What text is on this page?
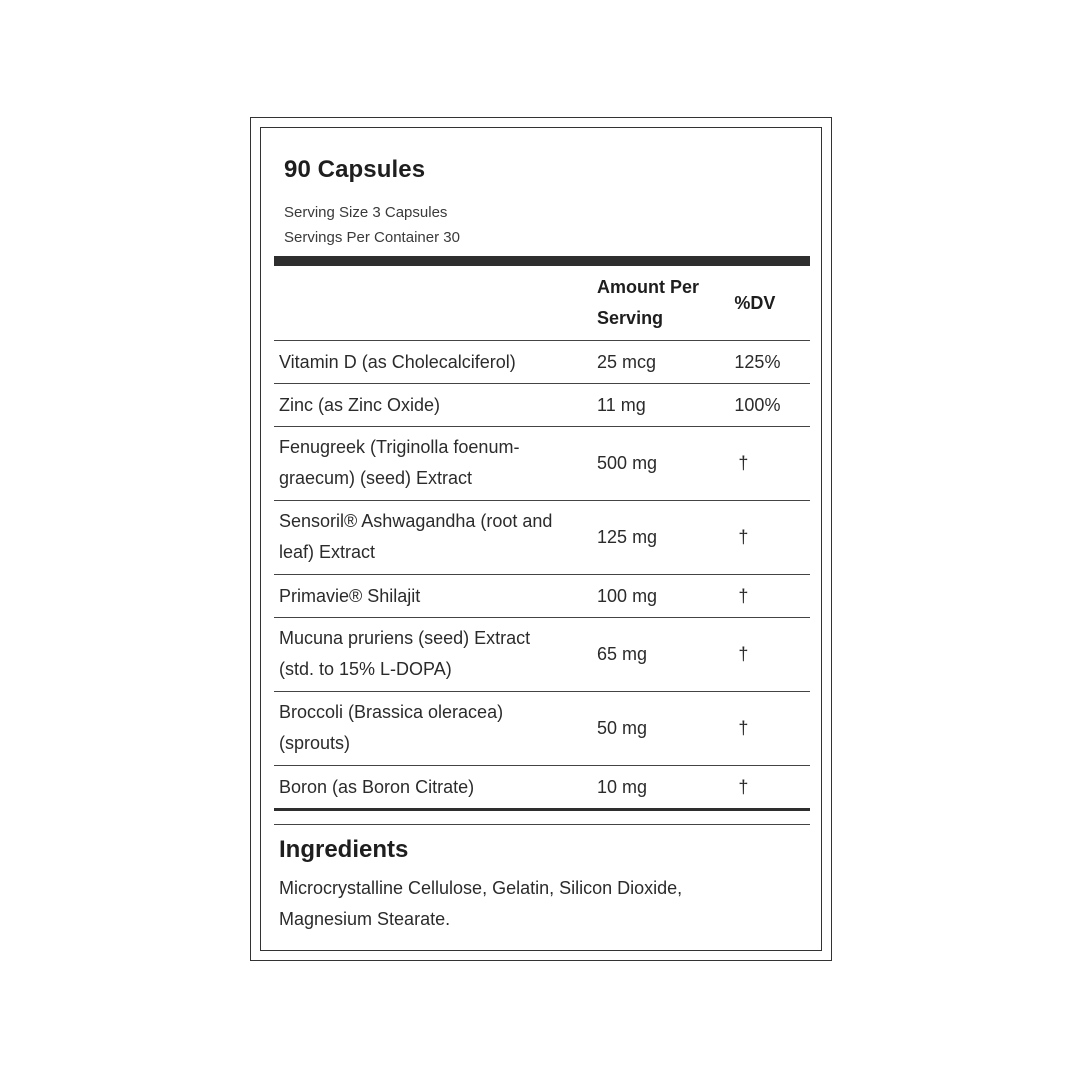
90 Capsules
Serving Size 3 Capsules
Servings Per Container 30
	Amount Per Serving	%DV
Vitamin D (as Cholecalciferol)	25 mcg	125%
Zinc (as Zinc Oxide)	11 mg	100%

Fenugreek (Triginolla foenum-graecum) (seed) Extract	500 mg	†

Sensoril® Ashwagandha (root and leaf) Extract	125 mg	†
Primavie® Shilajit	100 mg	†

Mucuna pruriens (seed) Extract (std. to 15% L-DOPA)	65 mg	†

Broccoli (Brassica oleracea) (sprouts)	50 mg	†
Boron (as Boron Citrate)	10 mg	†
Ingredients
Microcrystalline Cellulose, Gelatin, Silicon Dioxide, Magnesium Stearate.
